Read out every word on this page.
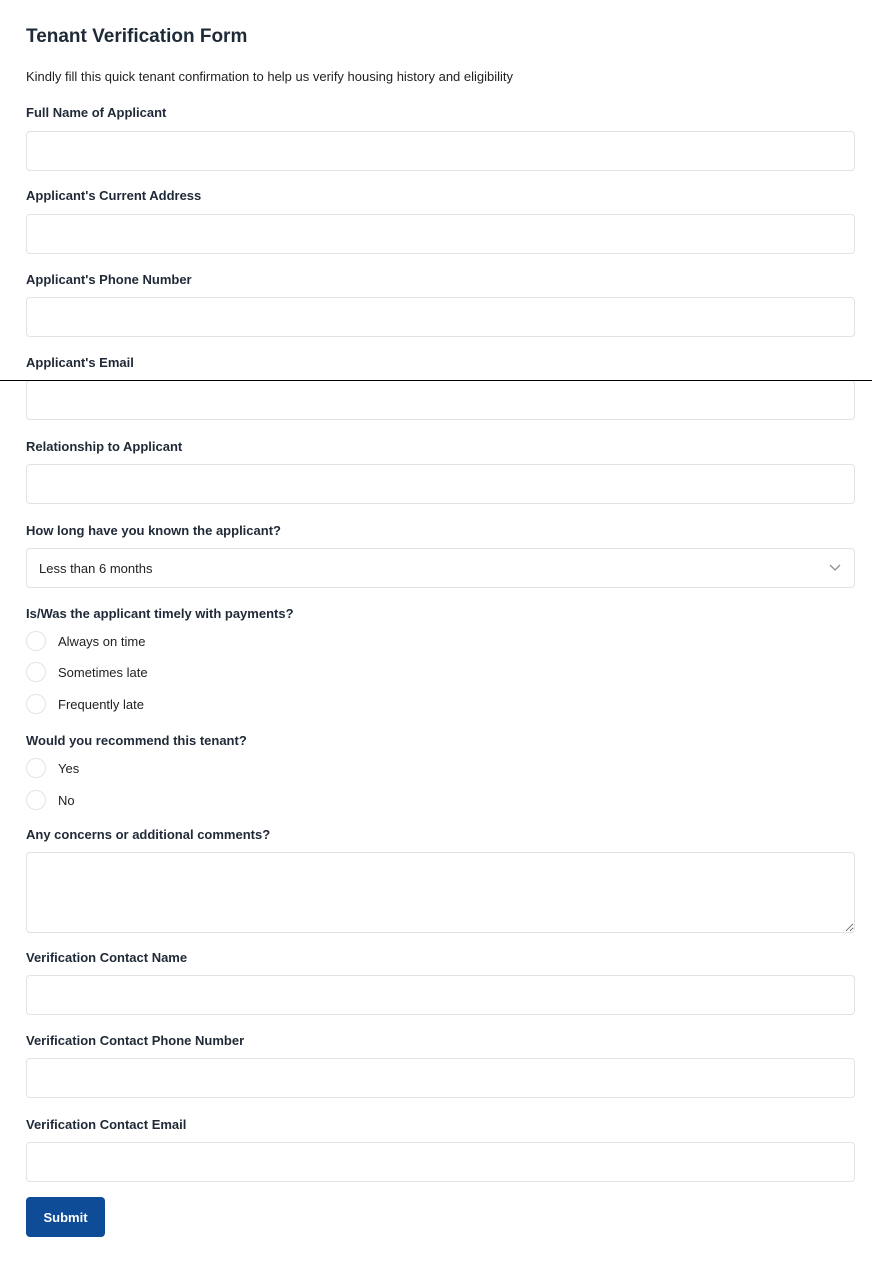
Tenant Verification Form
Kindly fill this quick tenant confirmation to help us verify housing history and eligibility
Full Name of Applicant
Applicant's Current Address
Applicant's Phone Number
Applicant's Email
Relationship to Applicant
How long have you known the applicant?
Less than 6 months
Is/Was the applicant timely with payments?
Always on time
Sometimes late
Frequently late
Would you recommend this tenant?
Yes
No
Any concerns or additional comments?
Verification Contact Name
Verification Contact Phone Number
Verification Contact Email
Submit
